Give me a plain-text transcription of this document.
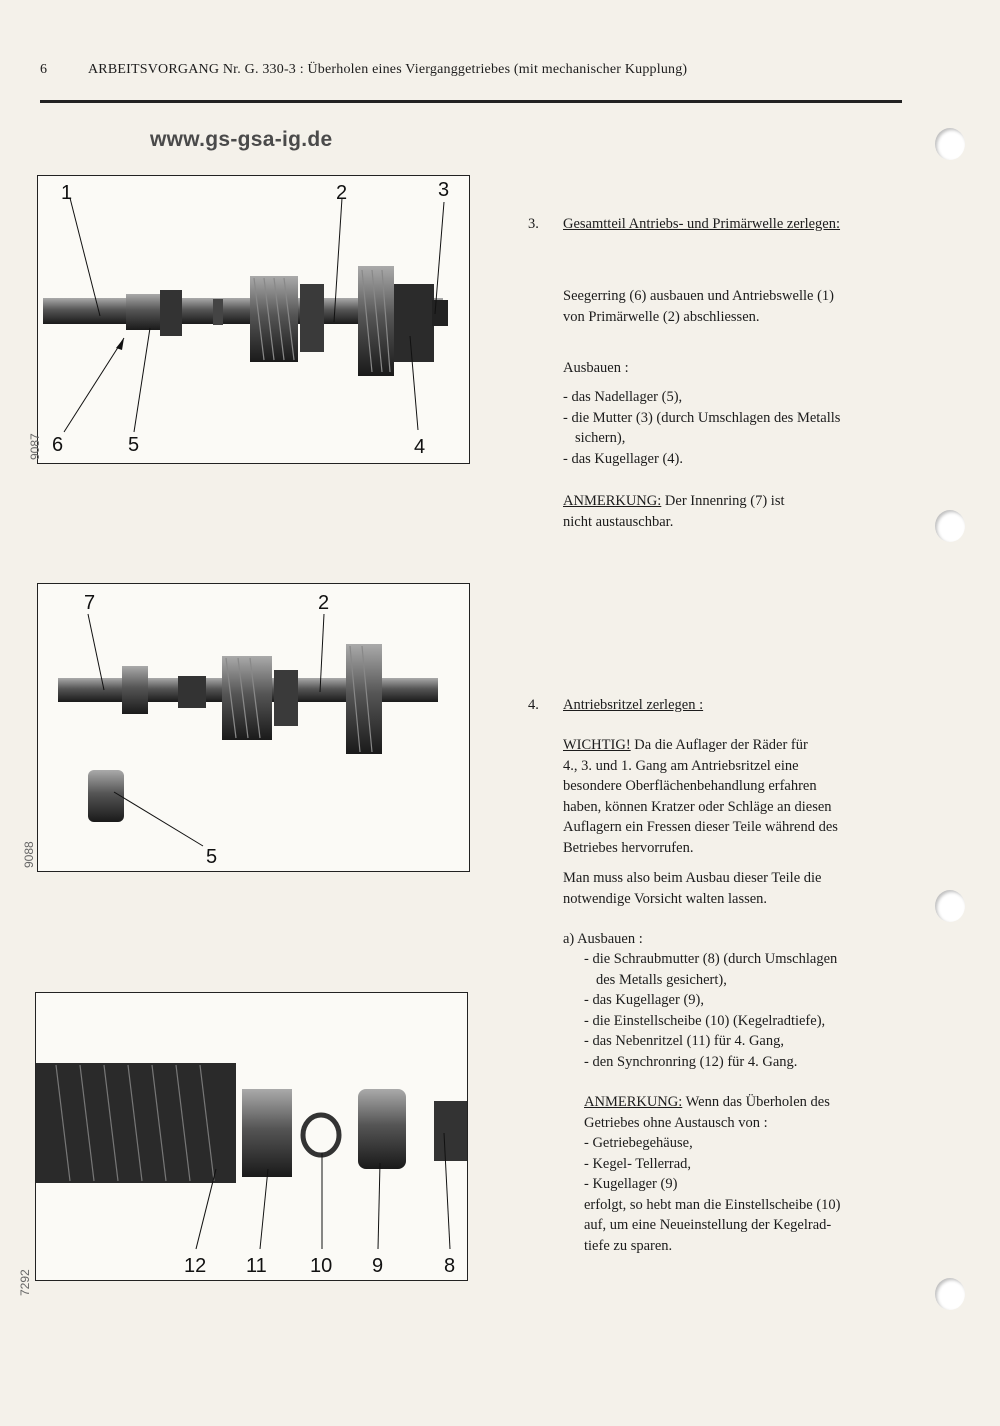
6	ARBEITSVORGANG Nr. G. 330-3 : Überholen eines Vierganggetriebes (mit mechanischer Kupplung)
www.gs-gsa-ig.de
1	2	3
6	5	4
9087
7	2
5
9088
12 11 10 9	8
7292
3. Gesamtteil Antriebs- und Primärwelle zerlegen:
Seegerring (6) ausbauen und Antriebswelle (1)
von Primärwelle (2) abschliessen.
Ausbauen :
- das Nadellager (5),
- die Mutter (3) (durch Umschlagen des Metalls
sichern),
- das Kugellager (4).
ANMERKUNG: Der Innenring (7) ist
nicht austauschbar.
4. Antriebsritzel zerlegen :
WICHTIG! Da die Auflager der Räder für
4., 3. und 1. Gang am Antriebsritzel eine
besondere Oberflächenbehandlung erfahren
haben, können Kratzer oder Schläge an diesen
Auflagern ein Fressen dieser Teile während des
Betriebes hervorrufen.
Man muss also beim Ausbau dieser Teile die
notwendige Vorsicht walten lassen.
a) Ausbauen :
- die Schraubmutter (8) (durch Umschlagen
des Metalls gesichert),
- das Kugellager (9),
- die Einstellscheibe (10) (Kegelradtiefe),
- das Nebenritzel (11) für 4. Gang,
- den Synchronring (12) für 4. Gang.
ANMERKUNG: Wenn das Überholen des
Getriebes ohne Austausch von :
- Getriebegehäuse,
- Kegel- Tellerrad,
- Kugellager (9)
erfolgt, so hebt man die Einstellscheibe (10)
auf, um eine Neueinstellung der Kegelrad-
tiefe zu sparen.
